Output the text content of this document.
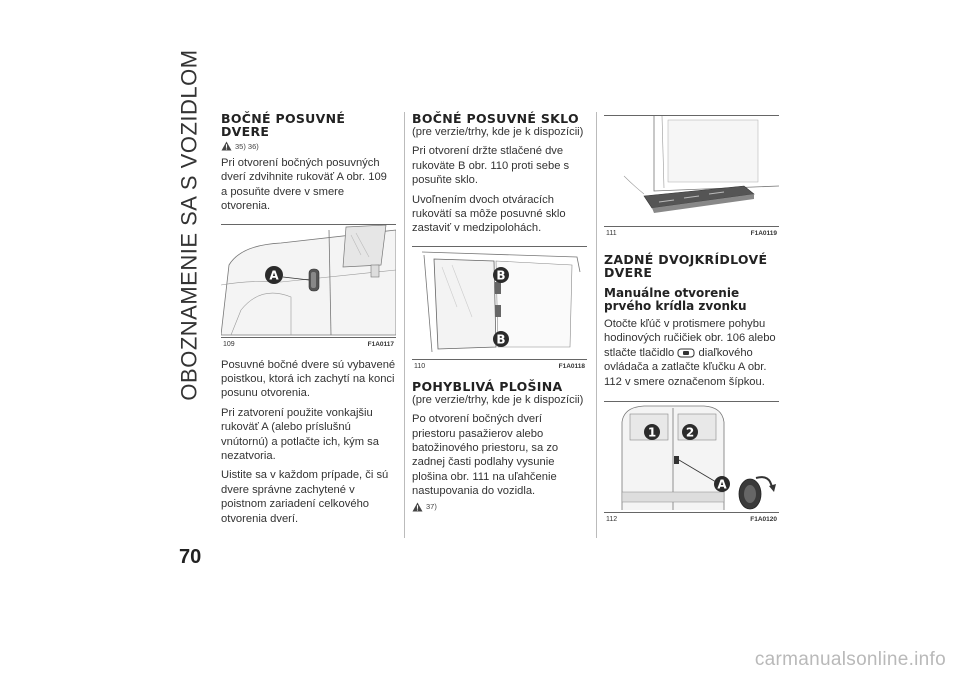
OBOZNAMENIE SA S VOZIDLOM
70
BOČNÉ POSUVNÉ DVERE
35) 36)

Pri otvorení bočných posuvných dverí zdvihnite rukoväť A obr. 109 a posuňte dvere v smere otvorenia.

A
109	F1A0117

Posuvné bočné dvere sú vybavené poistkou, ktorá ich zachytí na konci posunu otvorenia.

Pri zatvorení použite vonkajšiu rukoväť A (alebo príslušnú vnútornú) a potlačte ich, kým sa nezatvoria.

Uistite sa v každom prípade, či sú dvere správne zachytené v poistnom zariadení celkového otvorenia dverí.

BOČNÉ POSUVNÉ SKLO

(pre verzie/trhy, kde je k dispozícii)

Pri otvorení držte stlačené dve rukoväte B obr. 110 proti sebe s posuňte sklo.

Uvoľnením dvoch otváracích rukovätí sa môže posuvné sklo zastaviť v medzipolohách.

B
B
110	F1A0118
POHYBLIVÁ PLOŠINA

(pre verzie/trhy, kde je k dispozícii)

Po otvorení bočných dverí priestoru pasažierov alebo batožinového priestoru, sa zo zadnej časti podlahy vysunie plošina obr. 111 na uľahčenie nastupovania do vozidla.

37)
111	F1A0119
ZADNÉ DVOJKRÍDLOVÉ DVERE
Manuálne otvorenie prvého krídla zvonku

Otočte kľúč v protismere pohybu hodinových ručičiek obr. 106 alebo stlačte tlačidlo diaľkového ovládača a zatlačte kľučku A obr. 112 v smere označenom šípkou.

1 2
A
112	F1A0120
carmanualsonline.info
